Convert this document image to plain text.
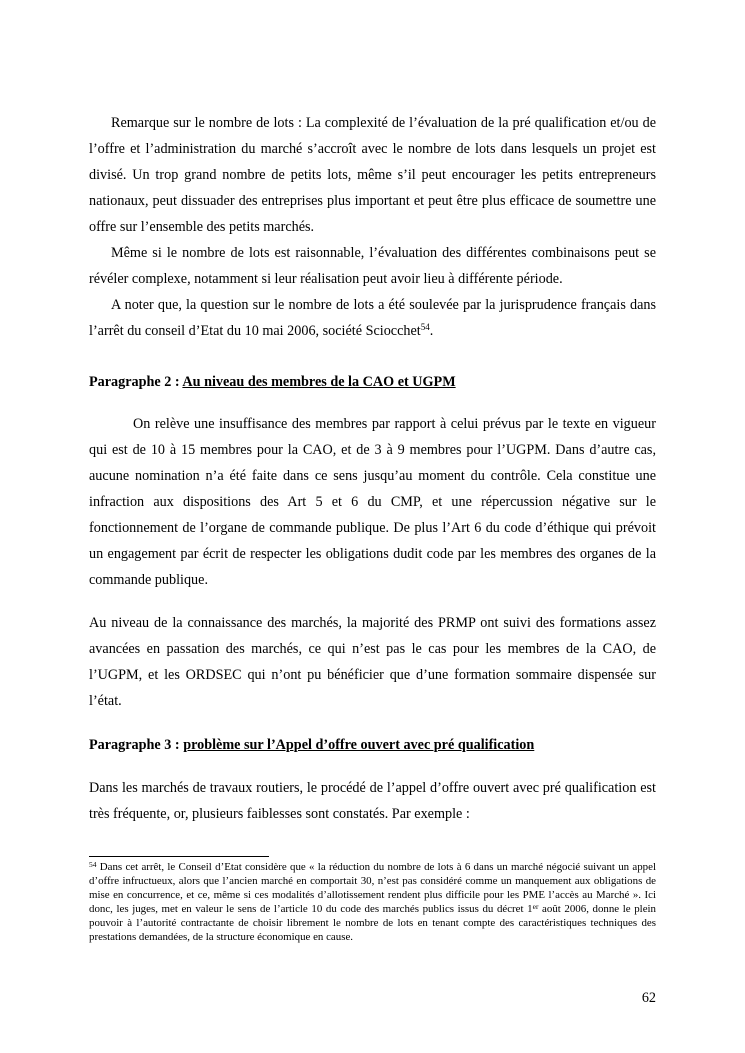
Remarque sur le nombre de lots : La complexité de l’évaluation de la pré qualification et/ou de l’offre et l’administration du marché s’accroît avec le nombre de lots dans lesquels un projet est divisé. Un trop grand nombre de petits lots, même s’il peut encourager les petits entrepreneurs nationaux, peut dissuader des entreprises plus important et peut être plus efficace de soumettre une offre sur l’ensemble des petits marchés.

Même si le nombre de lots est raisonnable, l’évaluation des différentes combinaisons peut se révéler complexe, notamment si leur réalisation peut avoir lieu à différente période.

A noter que, la question sur le nombre de lots a été soulevée par la jurisprudence français dans l’arrêt du conseil d’Etat du 10 mai 2006, société Sciocchet$^{54}$.

Paragraphe 2 : Au niveau des membres de la CAO et UGPM

On relève une insuffisance des membres par rapport à celui prévus par le texte en vigueur qui est de 10 à 15 membres pour la CAO, et de 3 à 9 membres pour l’UGPM. Dans d’autre cas, aucune nomination n’a été faite dans ce sens jusqu’au moment du contrôle. Cela constitue une infraction aux dispositions des Art 5 et 6 du CMP, et une répercussion négative sur le fonctionnement de l’organe de commande publique. De plus l’Art 6 du code d’éthique qui prévoit un engagement par écrit de respecter les obligations dudit code par les membres des organes de la commande publique.

Au niveau de la connaissance des marchés, la majorité des PRMP ont suivi des formations assez avancées en passation des marchés, ce qui n’est pas le cas pour les membres de la CAO, de l’UGPM, et les ORDSEC qui n’ont pu bénéficier que d’une formation sommaire dispensée sur l’état.

Paragraphe 3 : problème sur l’Appel d’offre ouvert avec pré qualification

Dans les marchés de travaux routiers, le procédé de l’appel d’offre ouvert avec pré qualification est très fréquente, or, plusieurs faiblesses sont constatés. Par exemple :

$^{54}$ Dans cet arrêt, le Conseil d’Etat considère que « la réduction du nombre de lots à 6 dans un marché négocié suivant un appel d’offre infructueux, alors que l’ancien marché en comportait 30, n’est pas considéré comme un manquement aux obligations de mise en concurrence, et ce, même si ces modalités d’allotissement rendent plus difficile pour les PME l’accès au Marché ». Ici donc, les juges, met en valeur le sens de l’article 10 du code des marchés publics issus du décret 1er août 2006, donne le plein pouvoir à l’autorité contractante de choisir librement le nombre de lots en tenant compte des caractéristiques techniques des prestations demandées, de la structure économique en cause.
62
